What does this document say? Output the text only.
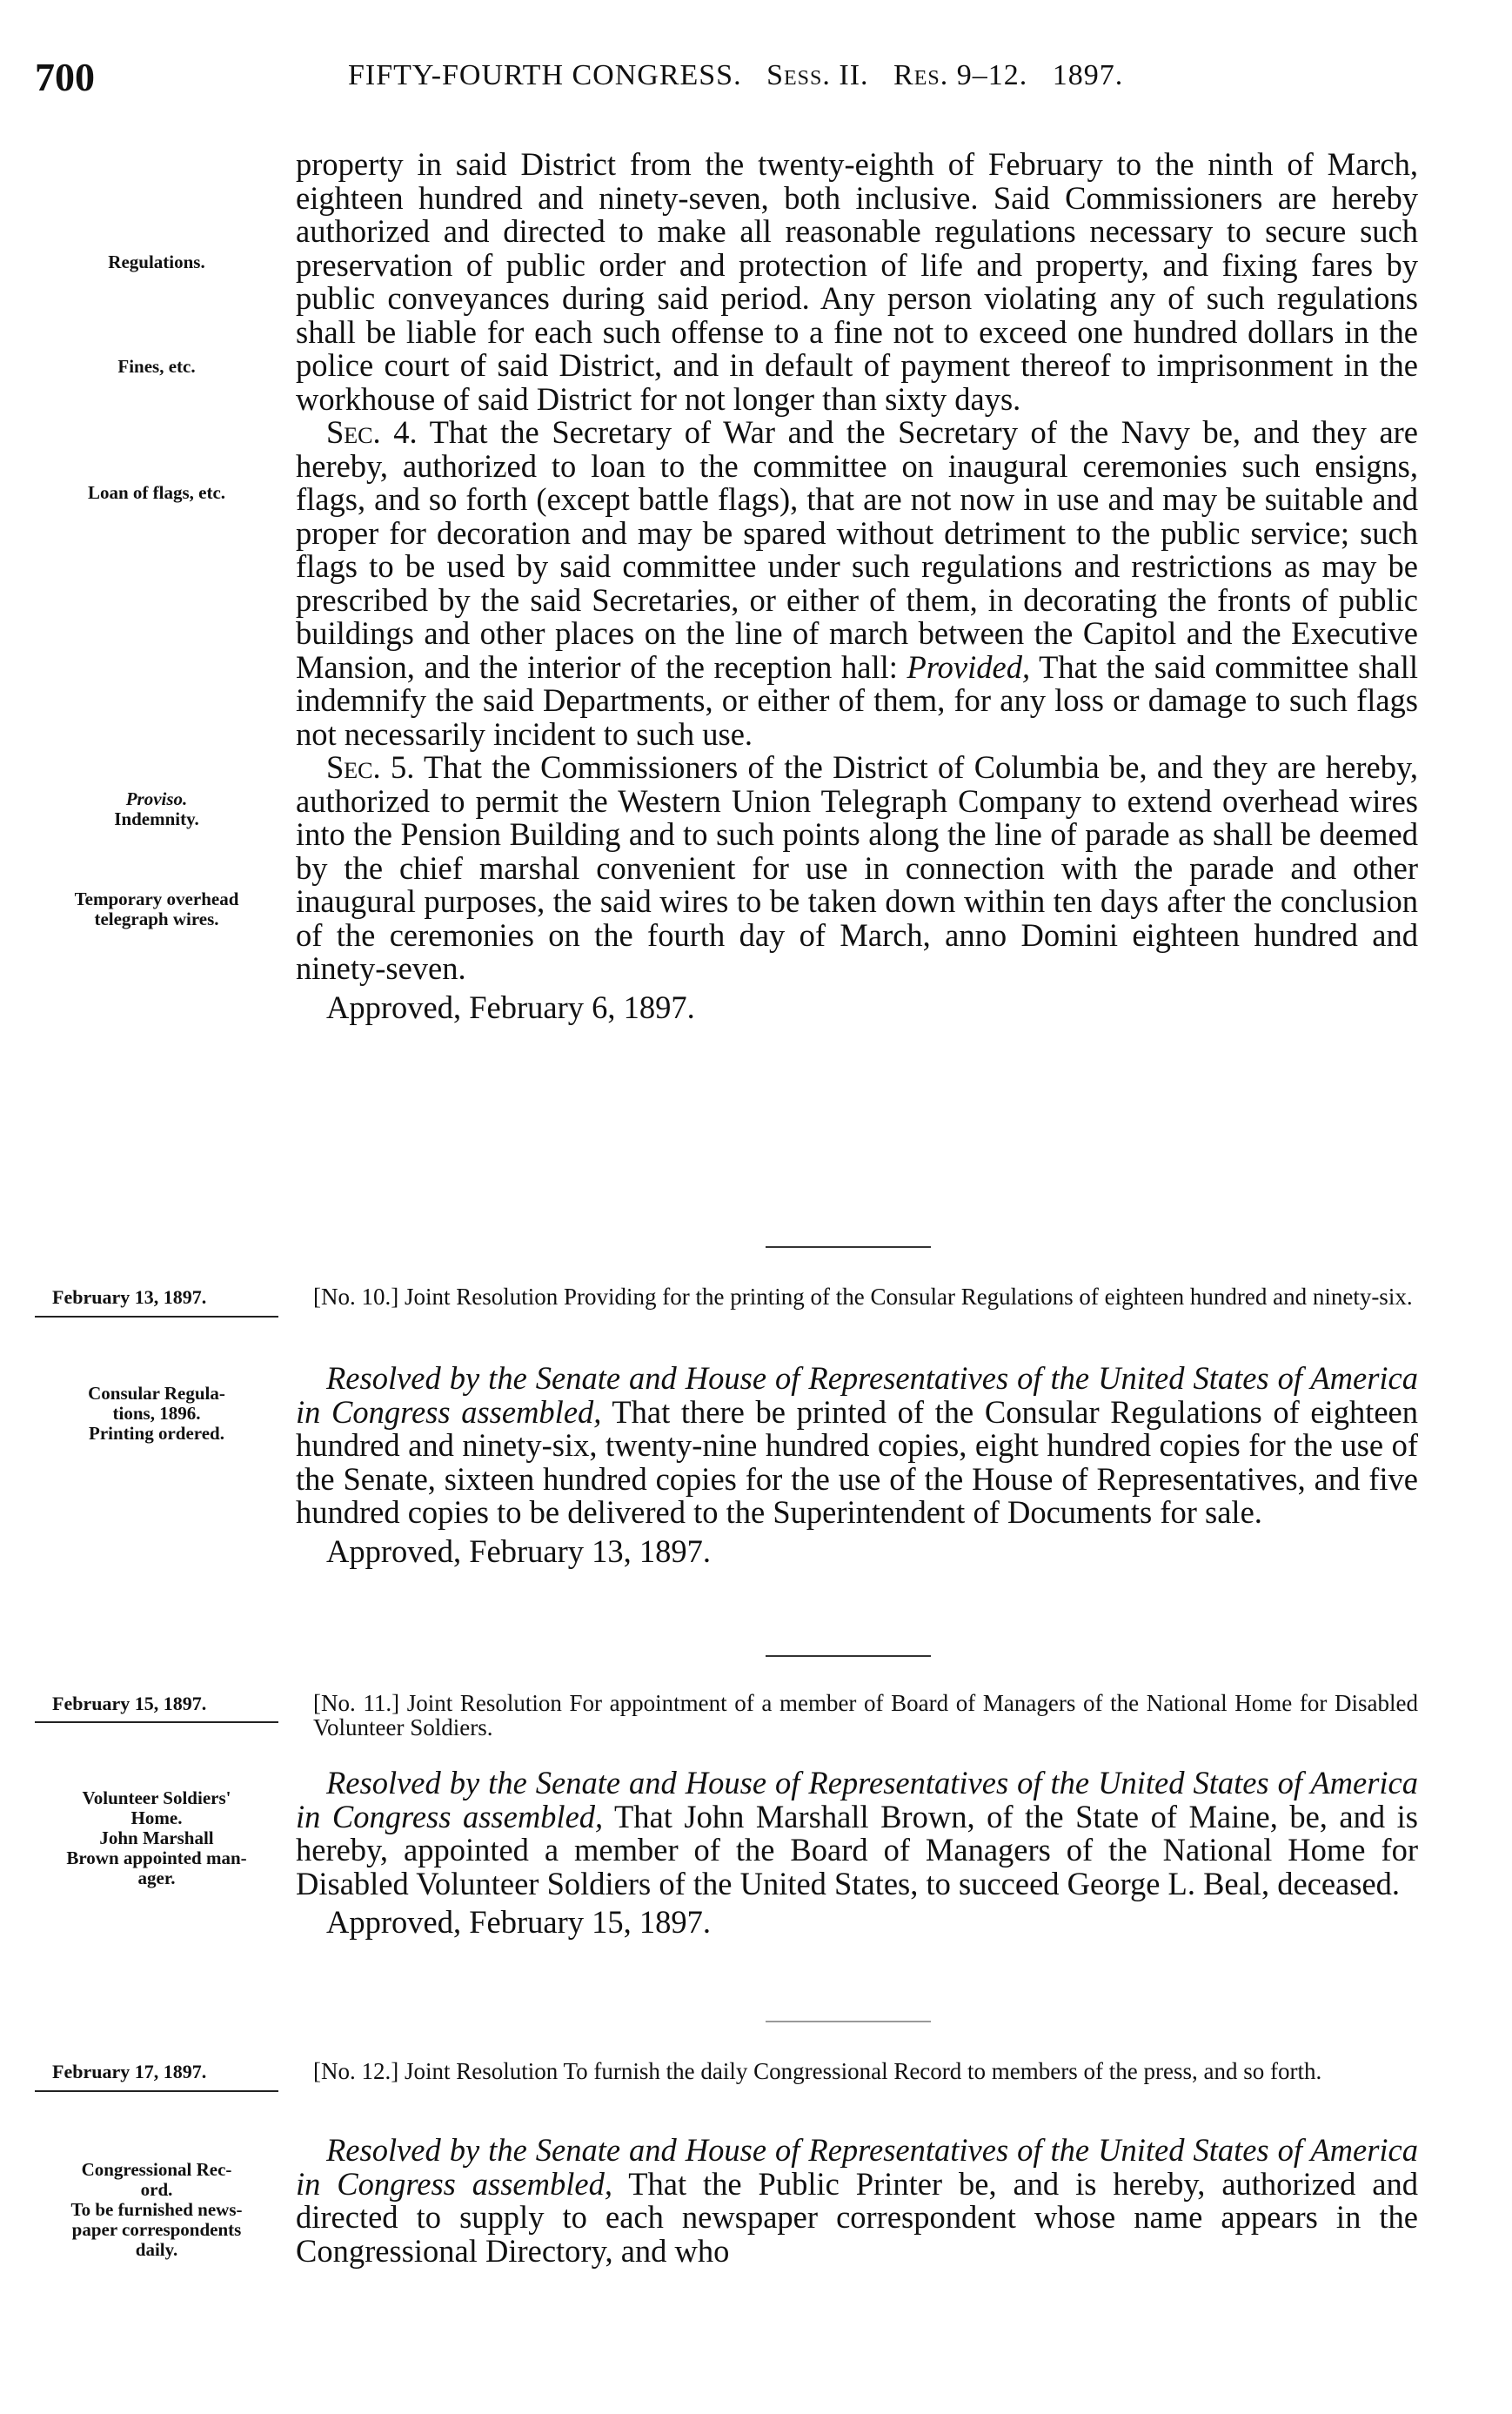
700	FIFTY-FOURTH CONGRESS. Sess. II. Res. 9–12. 1897.
Regulations.
Fines, etc.
Loan of flags, etc.
Proviso.
Indemnity.
Temporary overhead
telegraph wires.

property in said District from the twenty-eighth of February to the ninth of March, eighteen hundred and ninety-seven, both inclusive. Said Commissioners are hereby authorized and directed to make all reasonable regulations necessary to secure such preservation of public order and protection of life and property, and fixing fares by public conveyances during said period. Any person violating any of such regulations shall be liable for each such offense to a fine not to exceed one hundred dollars in the police court of said District, and in default of payment thereof to imprisonment in the workhouse of said District for not longer than sixty days.

Sec. 4. That the Secretary of War and the Secretary of the Navy be, and they are hereby, authorized to loan to the committee on inaugural ceremonies such ensigns, flags, and so forth (except battle flags), that are not now in use and may be suitable and proper for decoration and may be spared without detriment to the public service; such flags to be used by said committee under such regulations and restrictions as may be prescribed by the said Secretaries, or either of them, in decorating the fronts of public buildings and other places on the line of march between the Capitol and the Executive Mansion, and the interior of the reception hall: Provided, That the said committee shall indemnify the said Departments, or either of them, for any loss or damage to such flags not necessarily incident to such use.

Sec. 5. That the Commissioners of the District of Columbia be, and they are hereby, authorized to permit the Western Union Telegraph Company to extend overhead wires into the Pension Building and to such points along the line of parade as shall be deemed by the chief marshal convenient for use in connection with the parade and other inaugural purposes, the said wires to be taken down within ten days after the conclusion of the ceremonies on the fourth day of March, anno Domini eighteen hundred and ninety-seven.

Approved, February 6, 1897.

February 13, 1897.	[No. 10.] Joint Resolution Providing for the printing of the Consular Regulations of eighteen hundred and ninety-six.
Consular Regula-
tions, 1896.
Printing ordered.

Resolved by the Senate and House of Representatives of the United States of America in Congress assembled, That there be printed of the Consular Regulations of eighteen hundred and ninety-six, twenty-nine hundred copies, eight hundred copies for the use of the Senate, sixteen hundred copies for the use of the House of Representatives, and five hundred copies to be delivered to the Superintendent of Documents for sale.

Approved, February 13, 1897.

February 15, 1897.	[No. 11.] Joint Resolution For appointment of a member of Board of Managers of the National Home for Disabled Volunteer Soldiers.
Volunteer Soldiers'
Home.
John Marshall
Brown appointed man-
ager.

Resolved by the Senate and House of Representatives of the United States of America in Congress assembled, That John Marshall Brown, of the State of Maine, be, and is hereby, appointed a member of the Board of Managers of the National Home for Disabled Volunteer Soldiers of the United States, to succeed George L. Beal, deceased.

Approved, February 15, 1897.

February 17, 1897.	[No. 12.] Joint Resolution To furnish the daily Congressional Record to members of the press, and so forth.
Congressional Rec-
ord.
To be furnished news-
paper correspondents
daily.

Resolved by the Senate and House of Representatives of the United States of America in Congress assembled, That the Public Printer be, and is hereby, authorized and directed to supply to each newspaper correspondent whose name appears in the Congressional Directory, and who
